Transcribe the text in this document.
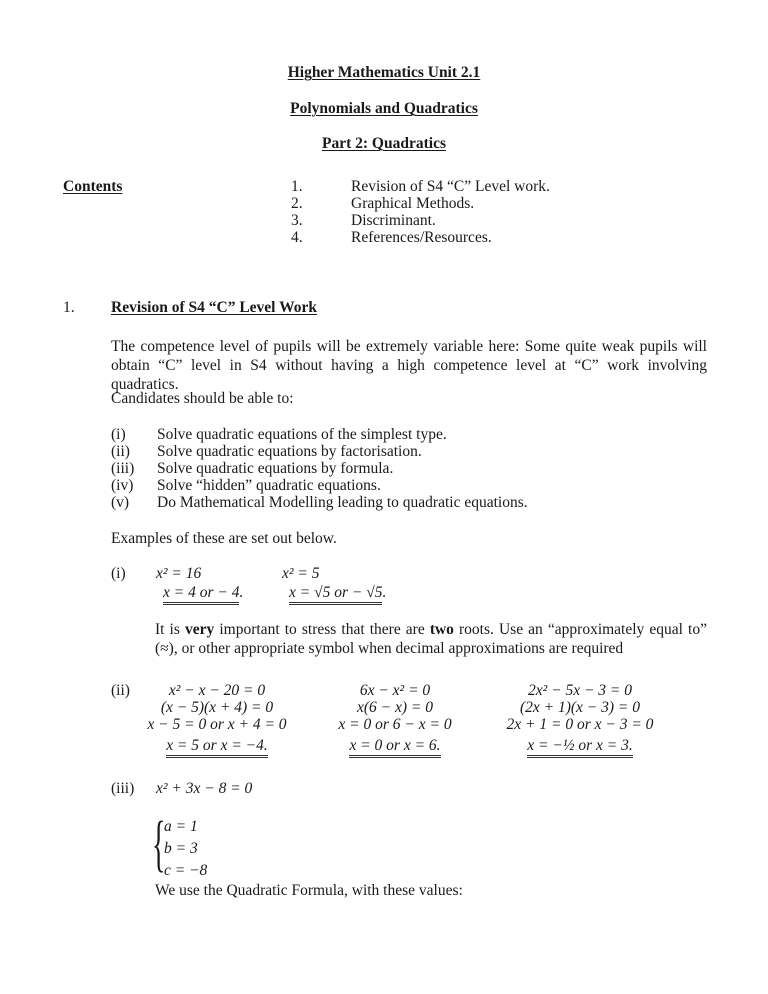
Higher Mathematics Unit 2.1
Polynomials and Quadratics
Part 2: Quadratics
Contents	1.	Revision of S4 “C” Level work.
2.	Graphical Methods.
3.	Discriminant.
4.	References/Resources.
1. Revision of S4 “C” Level Work
The competence level of pupils will be extremely variable here: Some quite weak pupils will obtain “C” level in S4 without having a high competence level at “C” work involving quadratics.
Candidates should be able to:
(i) Solve quadratic equations of the simplest type.
(ii) Solve quadratic equations by factorisation.
(iii) Solve quadratic equations by formula.
(iv) Solve “hidden” quadratic equations.
(v) Do Mathematical Modelling leading to quadratic equations.
Examples of these are set out below.
(i) x² = 16
x = 4 or − 4.
x² = 5
x = √5 or − √5.
It is very important to stress that there are two roots. Use an “approximately equal to” (≈), or other appropriate symbol when decimal approximations are required
(ii)	x² − x − 20 = 0
(x − 5)(x + 4) = 0
x − 5 = 0 or x + 4 = 0
x = 5 or x = −4.
6x − x² = 0
x(6 − x) = 0
x = 0 or 6 − x = 0
x = 0 or x = 6.
2x² − 5x − 3 = 0
(2x + 1)(x − 3) = 0
2x + 1 = 0 or x − 3 = 0
x = −½ or x = 3.
(iii) x² + 3x − 8 = 0
{
a = 1
b = 3
c = −8
We use the Quadratic Formula, with these values:
